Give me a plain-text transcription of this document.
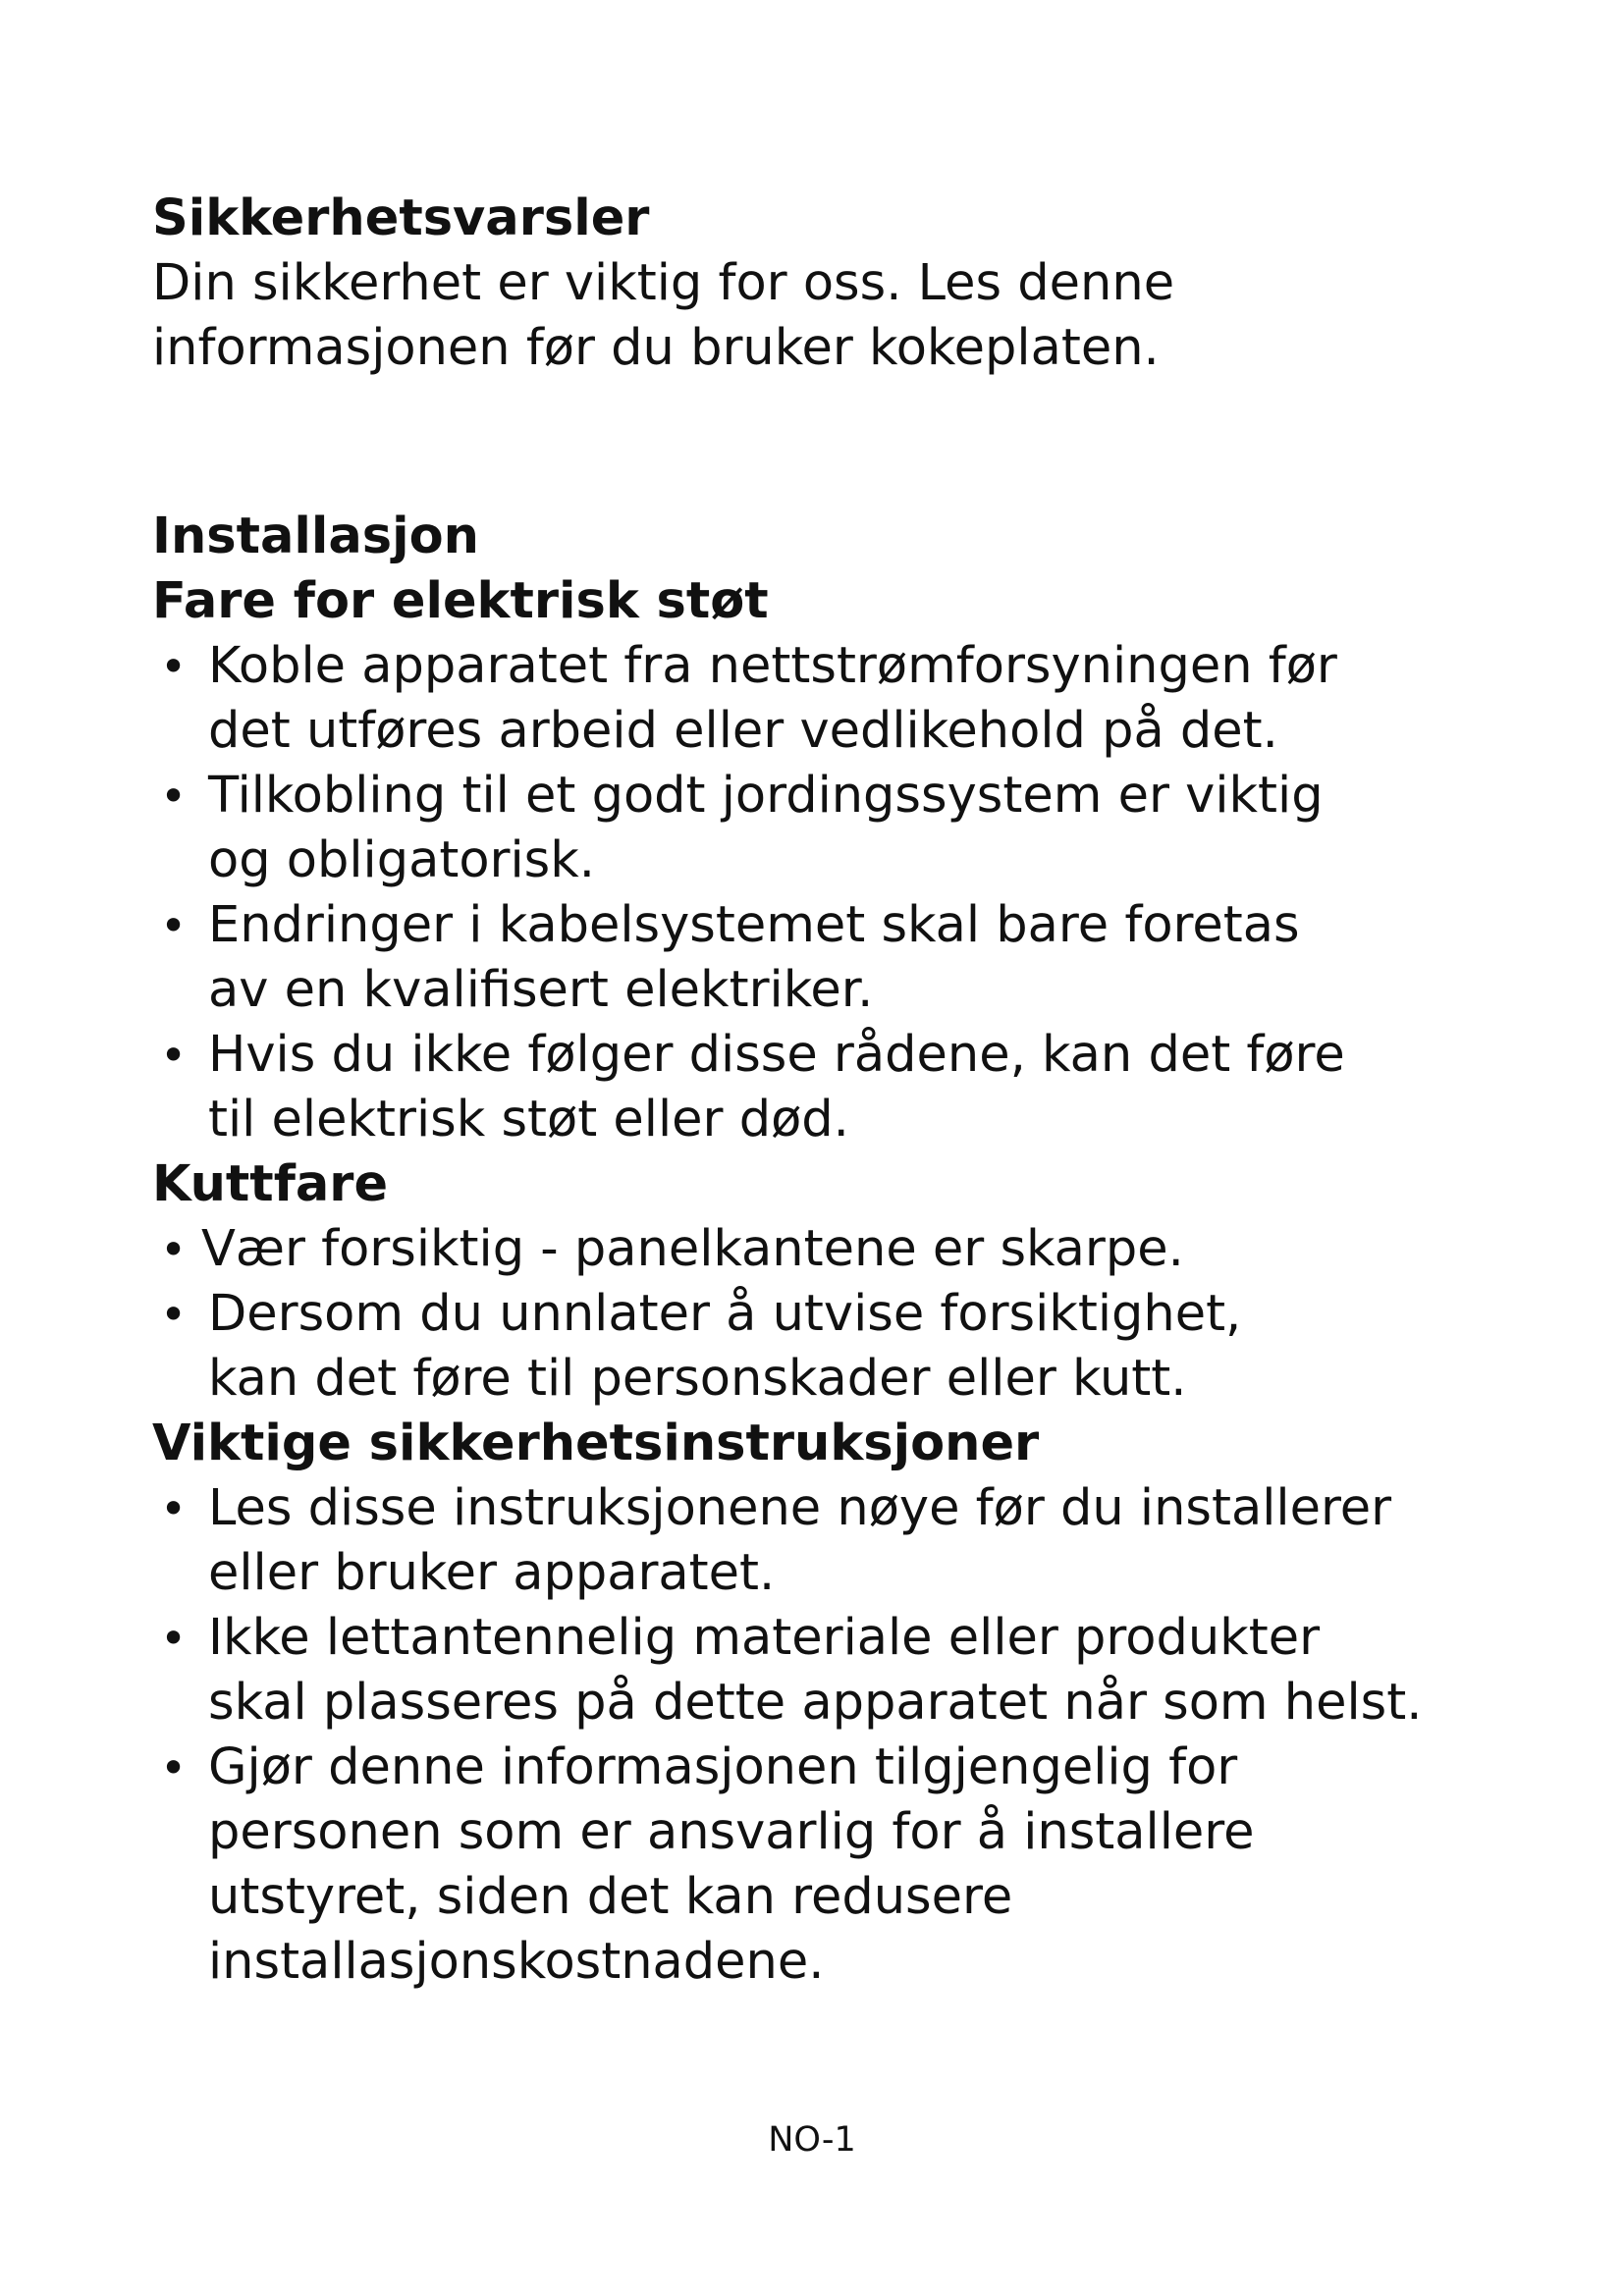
Sikkerhetsvarsler
Din sikkerhet er viktig for oss. Les denne
informasjonen før du bruker kokeplaten.
Installasjon
Fare for elektrisk støt
• Koble apparatet fra nettstrømforsyningen før
det utføres arbeid eller vedlikehold på det.
• Tilkobling til et godt jordingssystem er viktig
og obligatorisk.
• Endringer i kabelsystemet skal bare foretas
av en kvalifisert elektriker.
• Hvis du ikke følger disse rådene, kan det føre
til elektrisk støt eller død.
Kuttfare
• Vær forsiktig - panelkantene er skarpe.
• Dersom du unnlater å utvise forsiktighet,
kan det føre til personskader eller kutt.
Viktige sikkerhetsinstruksjoner
• Les disse instruksjonene nøye før du installerer
eller bruker apparatet.
• Ikke lettantennelig materiale eller produkter
skal plasseres på dette apparatet når som helst.
• Gjør denne informasjonen tilgjengelig for
personen som er ansvarlig for å installere
utstyret, siden det kan redusere
installasjonskostnadene.
NO-1
